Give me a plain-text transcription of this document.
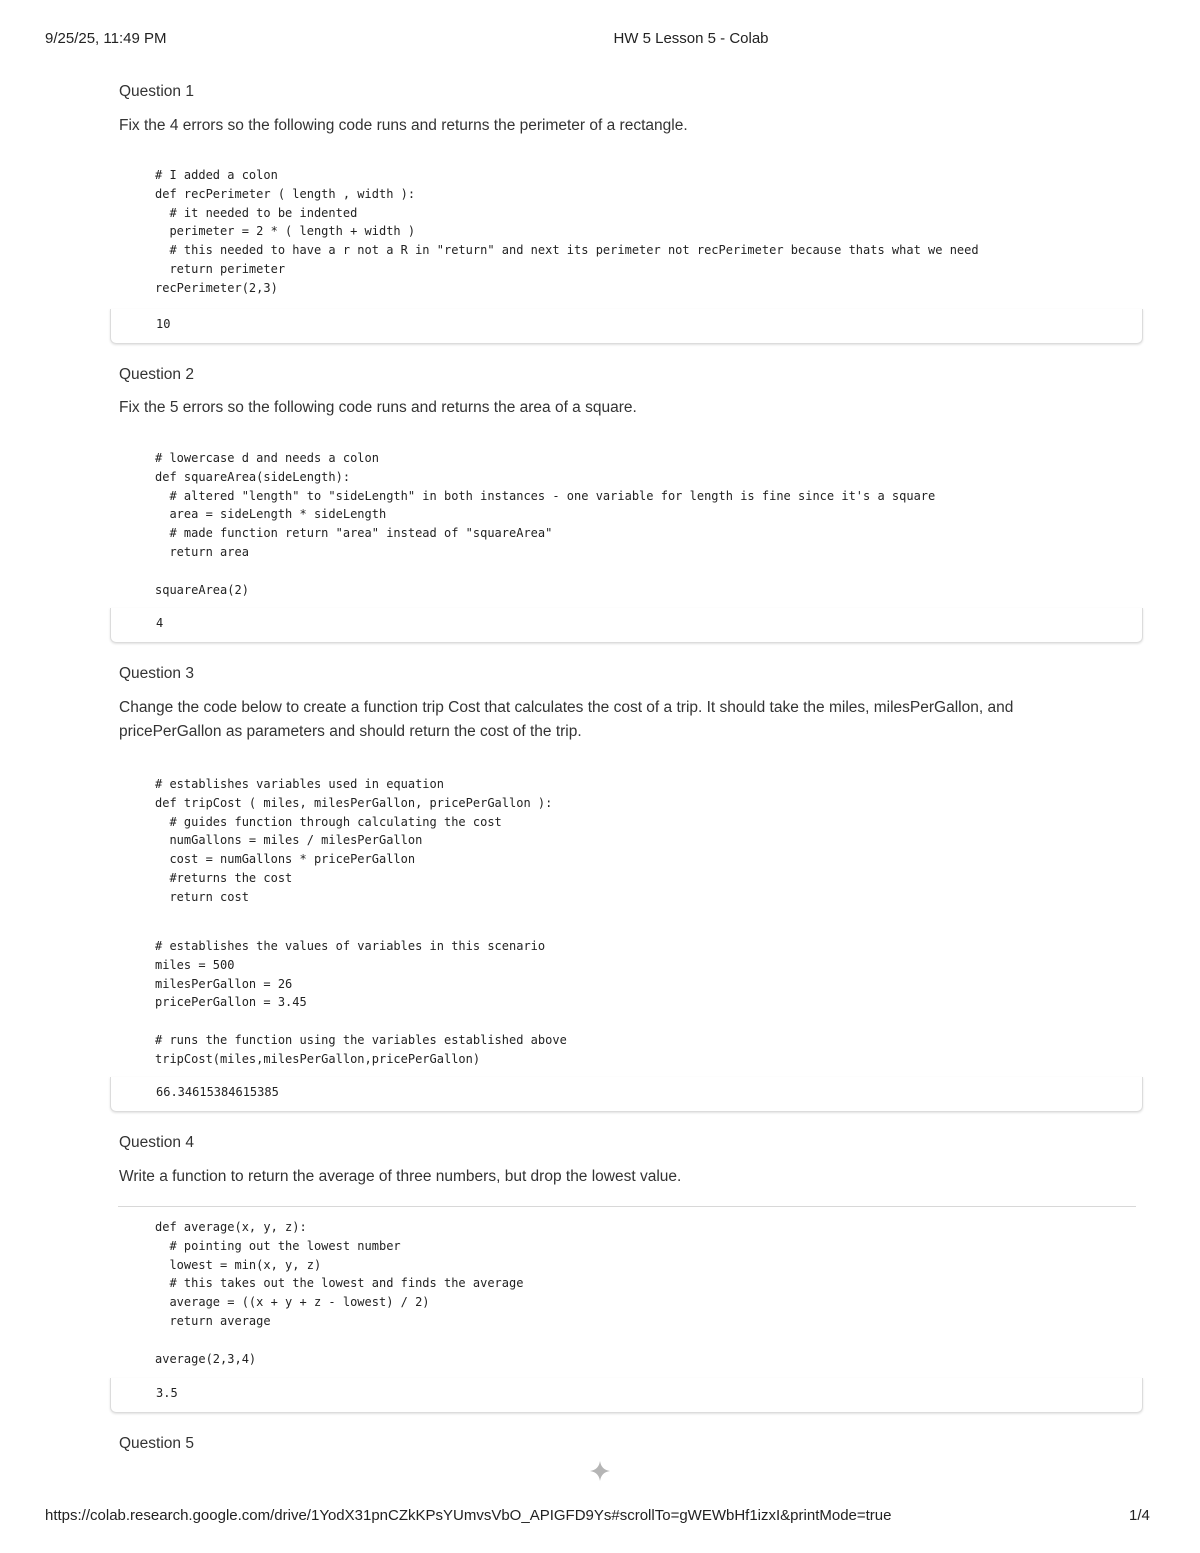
9/25/25, 11:49 PM	HW 5 Lesson 5 - Colab
Question 1
Fix the 4 errors so the following code runs and returns the perimeter of a rectangle.
# I added a colon
def recPerimeter ( length , width ):
# it needed to be indented
perimeter = 2 * ( length + width )
# this needed to have a r not a R in "return" and next its perimeter not recPerimeter because thats what we need
return perimeter
recPerimeter(2,3)
10
Question 2
Fix the 5 errors so the following code runs and returns the area of a square.
# lowercase d and needs a colon
def squareArea(sideLength):
# altered "length" to "sideLength" in both instances - one variable for length is fine since it's a square
area = sideLength * sideLength
# made function return "area" instead of "squareArea"
return area

squareArea(2)
4
Question 3
Change the code below to create a function trip Cost that calculates the cost of a trip. It should take the miles, milesPerGallon, and pricePerGallon as parameters and should return the cost of the trip.
# establishes variables used in equation
def tripCost ( miles, milesPerGallon, pricePerGallon ):
# guides function through calculating the cost
numGallons = miles / milesPerGallon
cost = numGallons * pricePerGallon
#returns the cost
return cost
# establishes the values of variables in this scenario
miles = 500
milesPerGallon = 26
pricePerGallon = 3.45

# runs the function using the variables established above
tripCost(miles,milesPerGallon,pricePerGallon)
66.34615384615385
Question 4
Write a function to return the average of three numbers, but drop the lowest value.
def average(x, y, z):
# pointing out the lowest number
lowest = min(x, y, z)
# this takes out the lowest and finds the average
average = ((x + y + z - lowest) / 2)
return average

average(2,3,4)
3.5
Question 5
https://colab.research.google.com/drive/1YodX31pnCZkKPsYUmvsVbO_APIGFD9Ys#scrollTo=gWEWbHf1izxI&printMode=true	1/4
